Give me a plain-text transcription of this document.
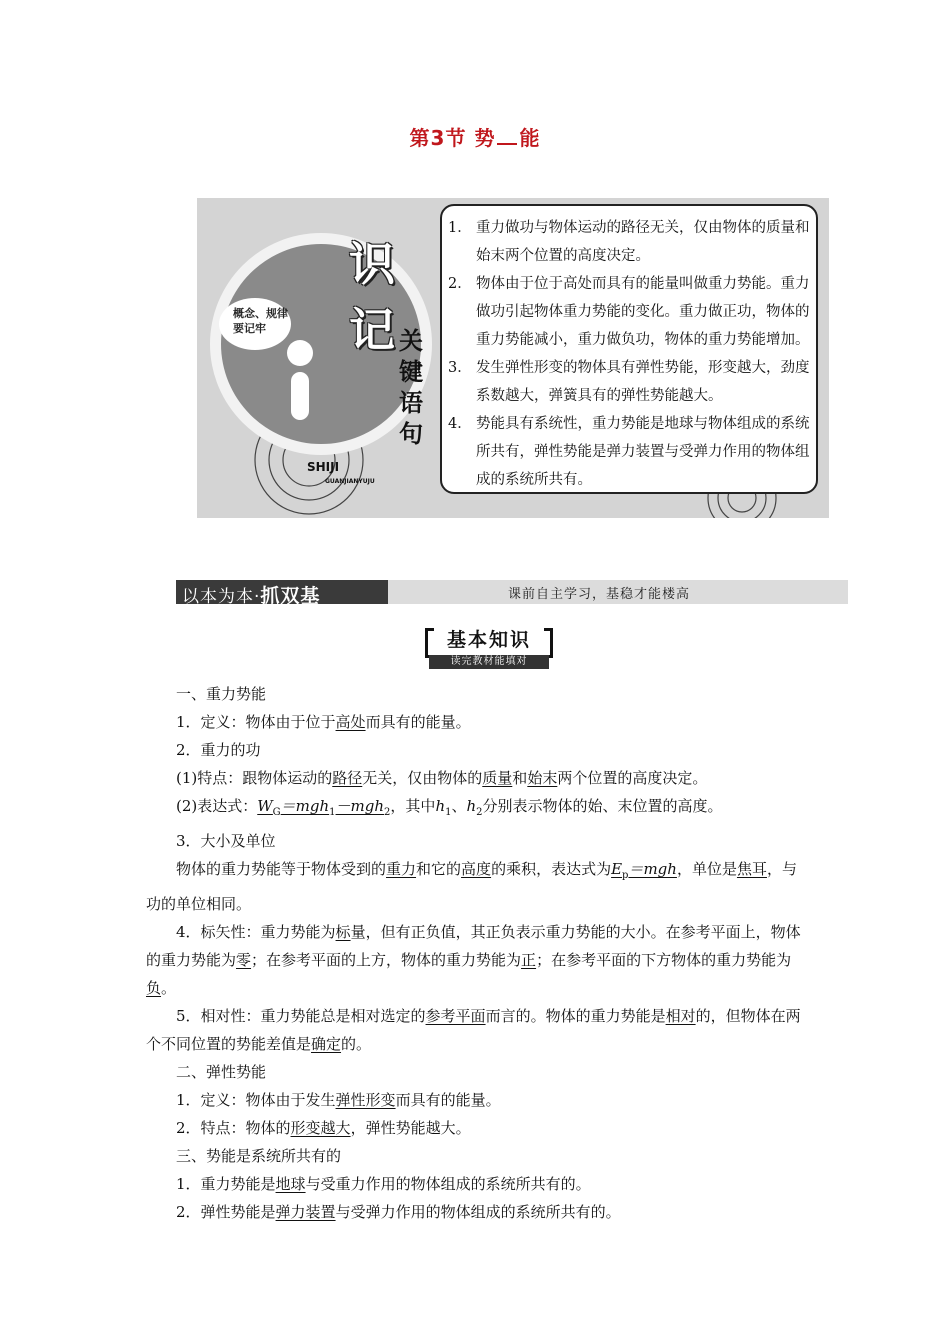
第3节 势 能
概念、规律
要记牢
SHIJI
GUANJIANYUJU
识
记 关键语句
1． 重力做功与物体运动的路径无关，仅由物体的质量和始末两个位置的高度决定。
2． 物体由于位于高处而具有的能量叫做重力势能。重力做功引起物体重力势能的变化。重力做正功，物体的重力势能减小，重力做负功，物体的重力势能增加。
3． 发生弹性形变的物体具有弹性势能，形变越大，劲度系数越大，弹簧具有的弹性势能越大。
4． 势能具有系统性，重力势能是地球与物体组成的系统所共有，弹性势能是弹力装置与受弹力作用的物体组成的系统所共有。
以本为本·抓双基	课前自主学习，基稳才能楼高
基本知识
读完教材能填对

一、重力势能

1．定义：物体由于位于高处而具有的能量。

2．重力的功

(1)特点：跟物体运动的路径无关，仅由物体的质量和始末两个位置的高度决定。

(2)表达式：$W_G=mgh_1-mgh_2$，其中$h_1$、$h_2$分别表示物体的始、末位置的高度。

3．大小及单位

物体的重力势能等于物体受到的重力和它的高度的乘积，表达式为$E_p=mgh$，单位是焦耳，与功的单位相同。

4．标矢性：重力势能为标量，但有正负值，其正负表示重力势能的大小。在参考平面上，物体的重力势能为零；在参考平面的上方，物体的重力势能为正；在参考平面的下方物体的重力势能为负。

5．相对性：重力势能总是相对选定的参考平面而言的。物体的重力势能是相对的，但物体在两个不同位置的势能差值是确定的。

二、弹性势能

1．定义：物体由于发生弹性形变而具有的能量。

2．特点：物体的形变越大，弹性势能越大。

三、势能是系统所共有的

1．重力势能是地球与受重力作用的物体组成的系统所共有的。

2．弹性势能是弹力装置与受弹力作用的物体组成的系统所共有的。
